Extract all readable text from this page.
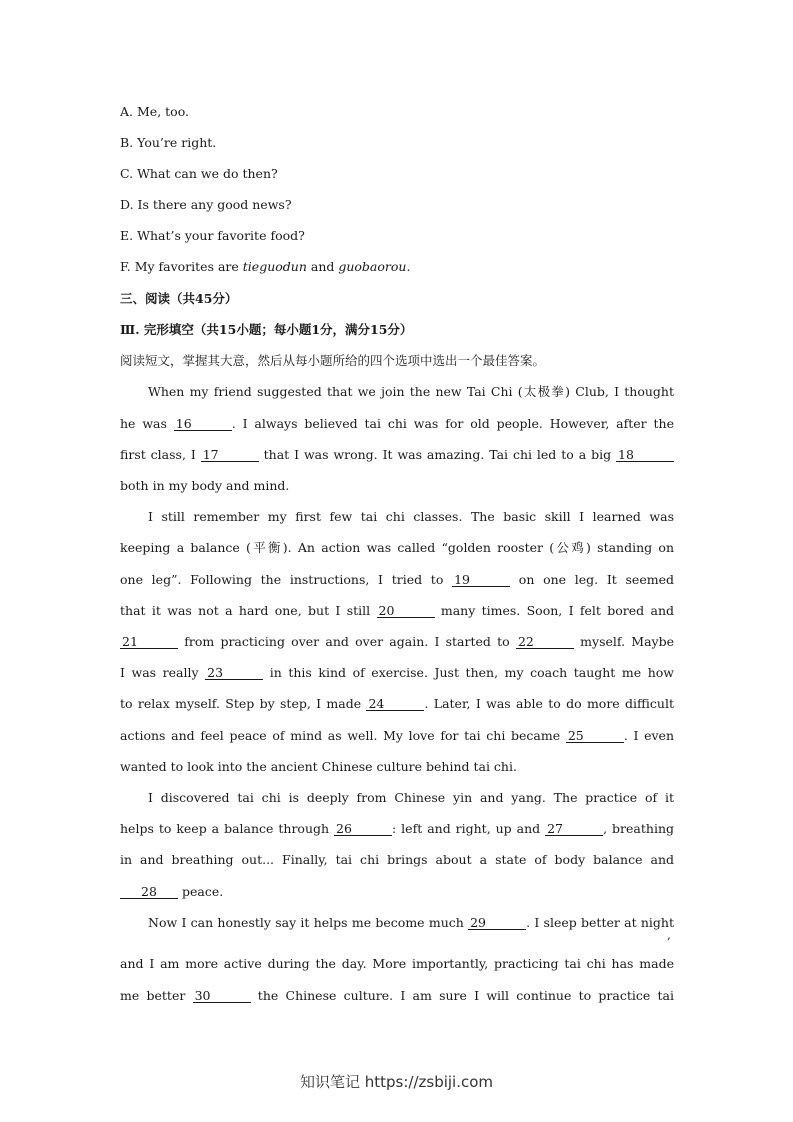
A. Me, too.
B. You’re right.
C. What can we do then?
D. Is there any good news?
E. What’s your favorite food?
F. My favorites are tieguodun and guobaorou.
三、阅读（共45分）
Ⅲ. 完形填空（共15小题；每小题1分，满分15分）
阅读短文，掌握其大意，然后从每小题所给的四个选项中选出一个最佳答案。
When my friend suggested that we join the new Tai Chi (太极拳) Club, I thought
he was 16	. I always believed tai chi was for old people. However, after the
first class, I 17	that I was wrong. It was amazing. Tai chi led to a big 18
both in my body and mind.
I still remember my first few tai chi classes. The basic skill I learned was
keeping a balance (平衡). An action was called “golden rooster (公鸡) standing on
one leg”. Following the instructions, I tried to 19	on one leg. It seemed
that it was not a hard one, but I still 20	many times. Soon, I felt bored and
21	from practicing over and over again. I started to 22	myself. Maybe
I was really 23	in this kind of exercise. Just then, my coach taught me how
to relax myself. Step by step, I made 24	. Later, I was able to do more difficult
actions and feel peace of mind as well. My love for tai chi became 25	. I even
wanted to look into the ancient Chinese culture behind tai chi.
I discovered tai chi is deeply from Chinese yin and yang. The practice of it
helps to keep a balance through 26	: left and right, up and 27	, breathing
in and breathing out... Finally, tai chi brings about a state of body balance and
28 peace.
Now I can honestly say it helps me become much 29	. I sleep better at night
,
and I am more active during the day. More importantly, practicing tai chi has made
me better 30	the Chinese culture. I am sure I will continue to practice tai
知识笔记 https://zsbiji.com
